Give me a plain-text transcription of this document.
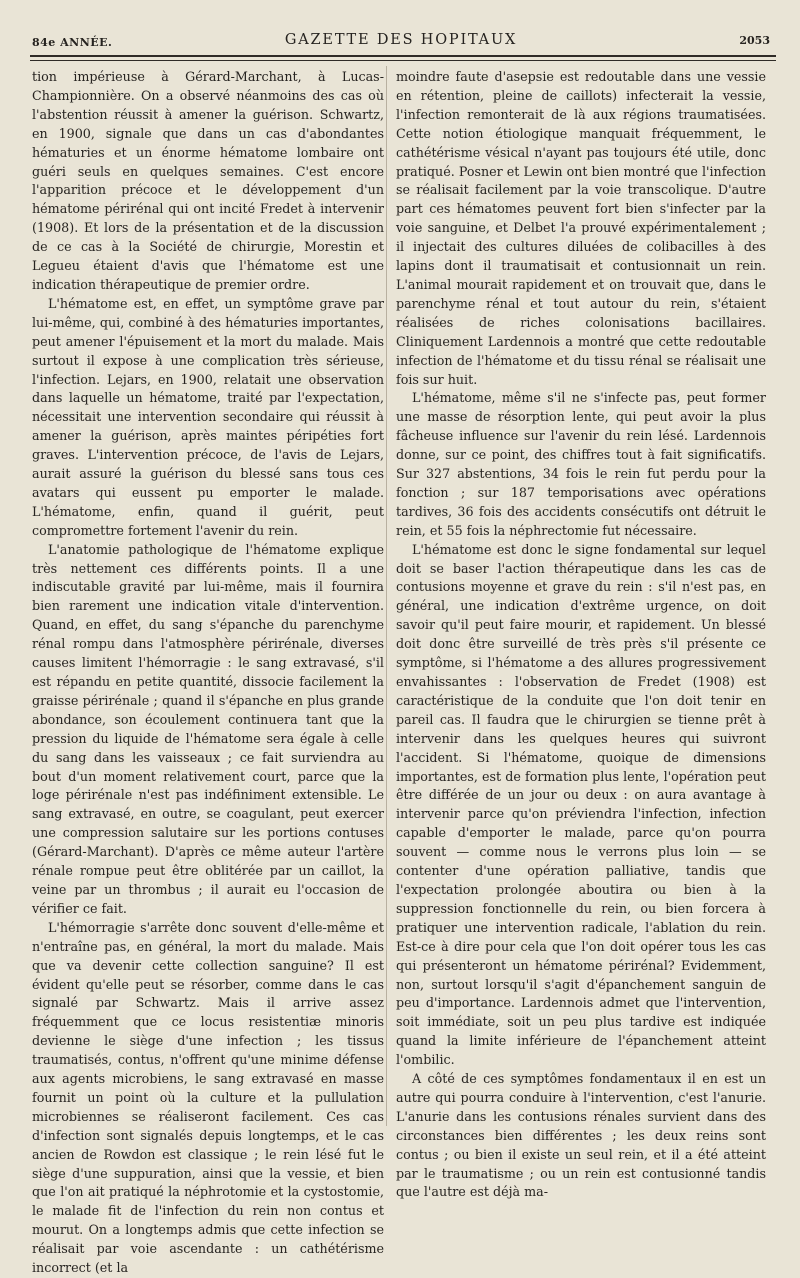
84e ANNÉE.	GAZETTE DES HOPITAUX	2053

tion impérieuse à Gérard-Marchant, à Lucas-Championnière. On a observé néanmoins des cas où l'abstention réussit à amener la guérison. Schwartz, en 1900, signale que dans un cas d'abondantes hématuries et un énorme hématome lombaire ont guéri seuls en quelques semaines. C'est encore l'apparition précoce et le développement d'un hématome périrénal qui ont incité Fredet à intervenir (1908). Et lors de la présentation et de la discussion de ce cas à la Société de chirurgie, Morestin et Legueu étaient d'avis que l'hématome est une indication thérapeutique de premier ordre.

L'hématome est, en effet, un symptôme grave par lui-même, qui, combiné à des hématuries importantes, peut amener l'épuisement et la mort du malade. Mais surtout il expose à une complication très sérieuse, l'infection. Lejars, en 1900, relatait une observation dans laquelle un hématome, traité par l'expectation, nécessitait une intervention secondaire qui réussit à amener la guérison, après maintes péripéties fort graves. L'intervention précoce, de l'avis de Lejars, aurait assuré la guérison du blessé sans tous ces avatars qui eussent pu emporter le malade. L'hématome, enfin, quand il guérit, peut compromettre fortement l'avenir du rein.

L'anatomie pathologique de l'hématome explique très nettement ces différents points. Il a une indiscutable gravité par lui-même, mais il fournira bien rarement une indication vitale d'intervention. Quand, en effet, du sang s'épanche du parenchyme rénal rompu dans l'atmosphère périrénale, diverses causes limitent l'hémorragie : le sang extravasé, s'il est répandu en petite quantité, dissocie facilement la graisse périrénale ; quand il s'épanche en plus grande abondance, son écoulement continuera tant que la pression du liquide de l'hématome sera égale à celle du sang dans les vaisseaux ; ce fait surviendra au bout d'un moment relativement court, parce que la loge périrénale n'est pas indéfiniment extensible. Le sang extravasé, en outre, se coagulant, peut exercer une compression salutaire sur les portions contuses (Gérard-Marchant). D'après ce même auteur l'artère rénale rompue peut être oblitérée par un caillot, la veine par un thrombus ; il aurait eu l'occasion de vérifier ce fait.

L'hémorragie s'arrête donc souvent d'elle-même et n'entraîne pas, en général, la mort du malade. Mais que va devenir cette collection sanguine? Il est évident qu'elle peut se résorber, comme dans le cas signalé par Schwartz. Mais il arrive assez fréquemment que ce locus resistentiæ minoris devienne le siège d'une infection ; les tissus traumatisés, contus, n'offrent qu'une minime défense aux agents microbiens, le sang extravasé en masse fournit un point où la culture et la pullulation microbiennes se réaliseront facilement. Ces cas d'infection sont signalés depuis longtemps, et le cas ancien de Rowdon est classique ; le rein lésé fut le siège d'une suppuration, ainsi que la vessie, et bien que l'on ait pratiqué la néphrotomie et la cystostomie, le malade fit de l'infection du rein non contus et mourut. On a longtemps admis que cette infection se réalisait par voie ascendante : un cathétérisme incorrect (et la

moindre faute d'asepsie est redoutable dans une vessie en rétention, pleine de caillots) infecterait la vessie, l'infection remonterait de là aux régions traumatisées. Cette notion étiologique manquait fréquemment, le cathétérisme vésical n'ayant pas toujours été utile, donc pratiqué. Posner et Lewin ont bien montré que l'infection se réalisait facilement par la voie transcolique. D'autre part ces hématomes peuvent fort bien s'infecter par la voie sanguine, et Delbet l'a prouvé expérimentalement ; il injectait des cultures diluées de colibacilles à des lapins dont il traumatisait et contusionnait un rein. L'animal mourait rapidement et on trouvait que, dans le parenchyme rénal et tout autour du rein, s'étaient réalisées de riches colonisations bacillaires. Cliniquement Lardennois a montré que cette redoutable infection de l'hématome et du tissu rénal se réalisait une fois sur huit.

L'hématome, même s'il ne s'infecte pas, peut former une masse de résorption lente, qui peut avoir la plus fâcheuse influence sur l'avenir du rein lésé. Lardennois donne, sur ce point, des chiffres tout à fait significatifs. Sur 327 abstentions, 34 fois le rein fut perdu pour la fonction ; sur 187 temporisations avec opérations tardives, 36 fois des accidents consécutifs ont détruit le rein, et 55 fois la néphrectomie fut nécessaire.

L'hématome est donc le signe fondamental sur lequel doit se baser l'action thérapeutique dans les cas de contusions moyenne et grave du rein : s'il n'est pas, en général, une indication d'extrême urgence, on doit savoir qu'il peut faire mourir, et rapidement. Un blessé doit donc être surveillé de très près s'il présente ce symptôme, si l'hématome a des allures progressivement envahissantes : l'observation de Fredet (1908) est caractéristique de la conduite que l'on doit tenir en pareil cas. Il faudra que le chirurgien se tienne prêt à intervenir dans les quelques heures qui suivront l'accident. Si l'hématome, quoique de dimensions importantes, est de formation plus lente, l'opération peut être différée de un jour ou deux : on aura avantage à intervenir parce qu'on préviendra l'infection, infection capable d'emporter le malade, parce qu'on pourra souvent — comme nous le verrons plus loin — se contenter d'une opération palliative, tandis que l'expectation prolongée aboutira ou bien à la suppression fonctionnelle du rein, ou bien forcera à pratiquer une intervention radicale, l'ablation du rein. Est-ce à dire pour cela que l'on doit opérer tous les cas qui présenteront un hématome périrénal? Evidemment, non, surtout lorsqu'il s'agit d'épanchement sanguin de peu d'importance. Lardennois admet que l'intervention, soit immédiate, soit un peu plus tardive est indiquée quand la limite inférieure de l'épanchement atteint l'ombilic.

A côté de ces symptômes fondamentaux il en est un autre qui pourra conduire à l'intervention, c'est l'anurie. L'anurie dans les contusions rénales survient dans des circonstances bien différentes ; les deux reins sont contus ; ou bien il existe un seul rein, et il a été atteint par le traumatisme ; ou un rein est contusionné tandis que l'autre est déjà ma-
